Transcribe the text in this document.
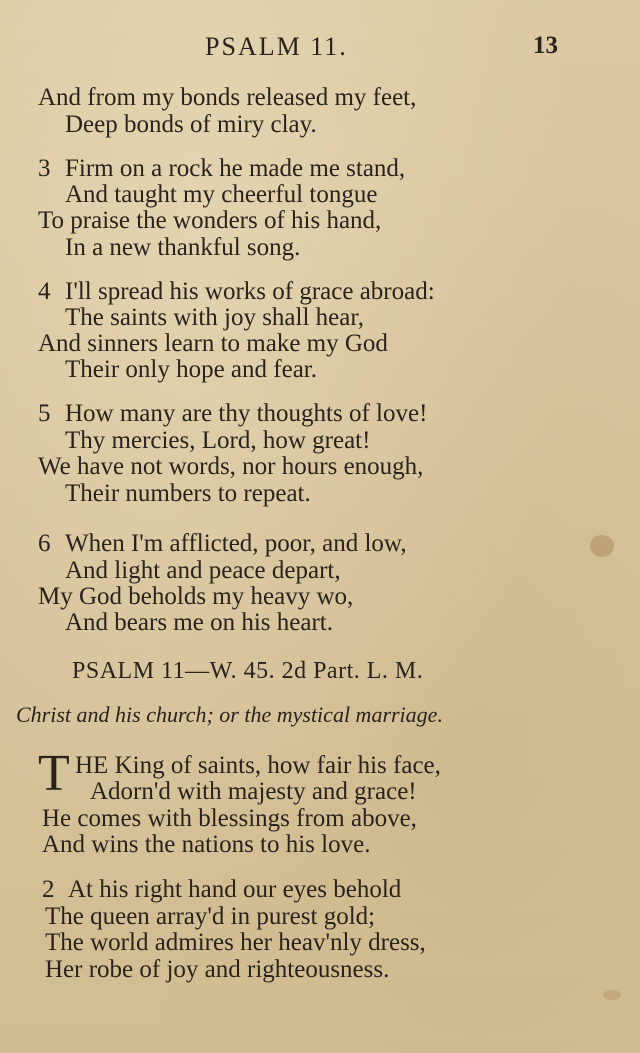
PSALM 11.	13
And from my bonds released my feet,
Deep bonds of miry clay.
3 Firm on a rock he made me stand,
And taught my cheerful tongue
To praise the wonders of his hand,
In a new thankful song.
4 I'll spread his works of grace abroad:
The saints with joy shall hear,
And sinners learn to make my God
Their only hope and fear.
5 How many are thy thoughts of love!
Thy mercies, Lord, how great!
We have not words, nor hours enough,
Their numbers to repeat.
6 When I'm afflicted, poor, and low,
And light and peace depart,
My God beholds my heavy wo,
And bears me on his heart.
PSALM 11—W. 45. 2d Part. L. M.
Christ and his church; or the mystical marriage.
T HE King of saints, how fair his face,
Adorn'd with majesty and grace!
He comes with blessings from above,
And wins the nations to his love.
2 At his right hand our eyes behold
The queen array'd in purest gold;
The world admires her heav'nly dress,
Her robe of joy and righteousness.
